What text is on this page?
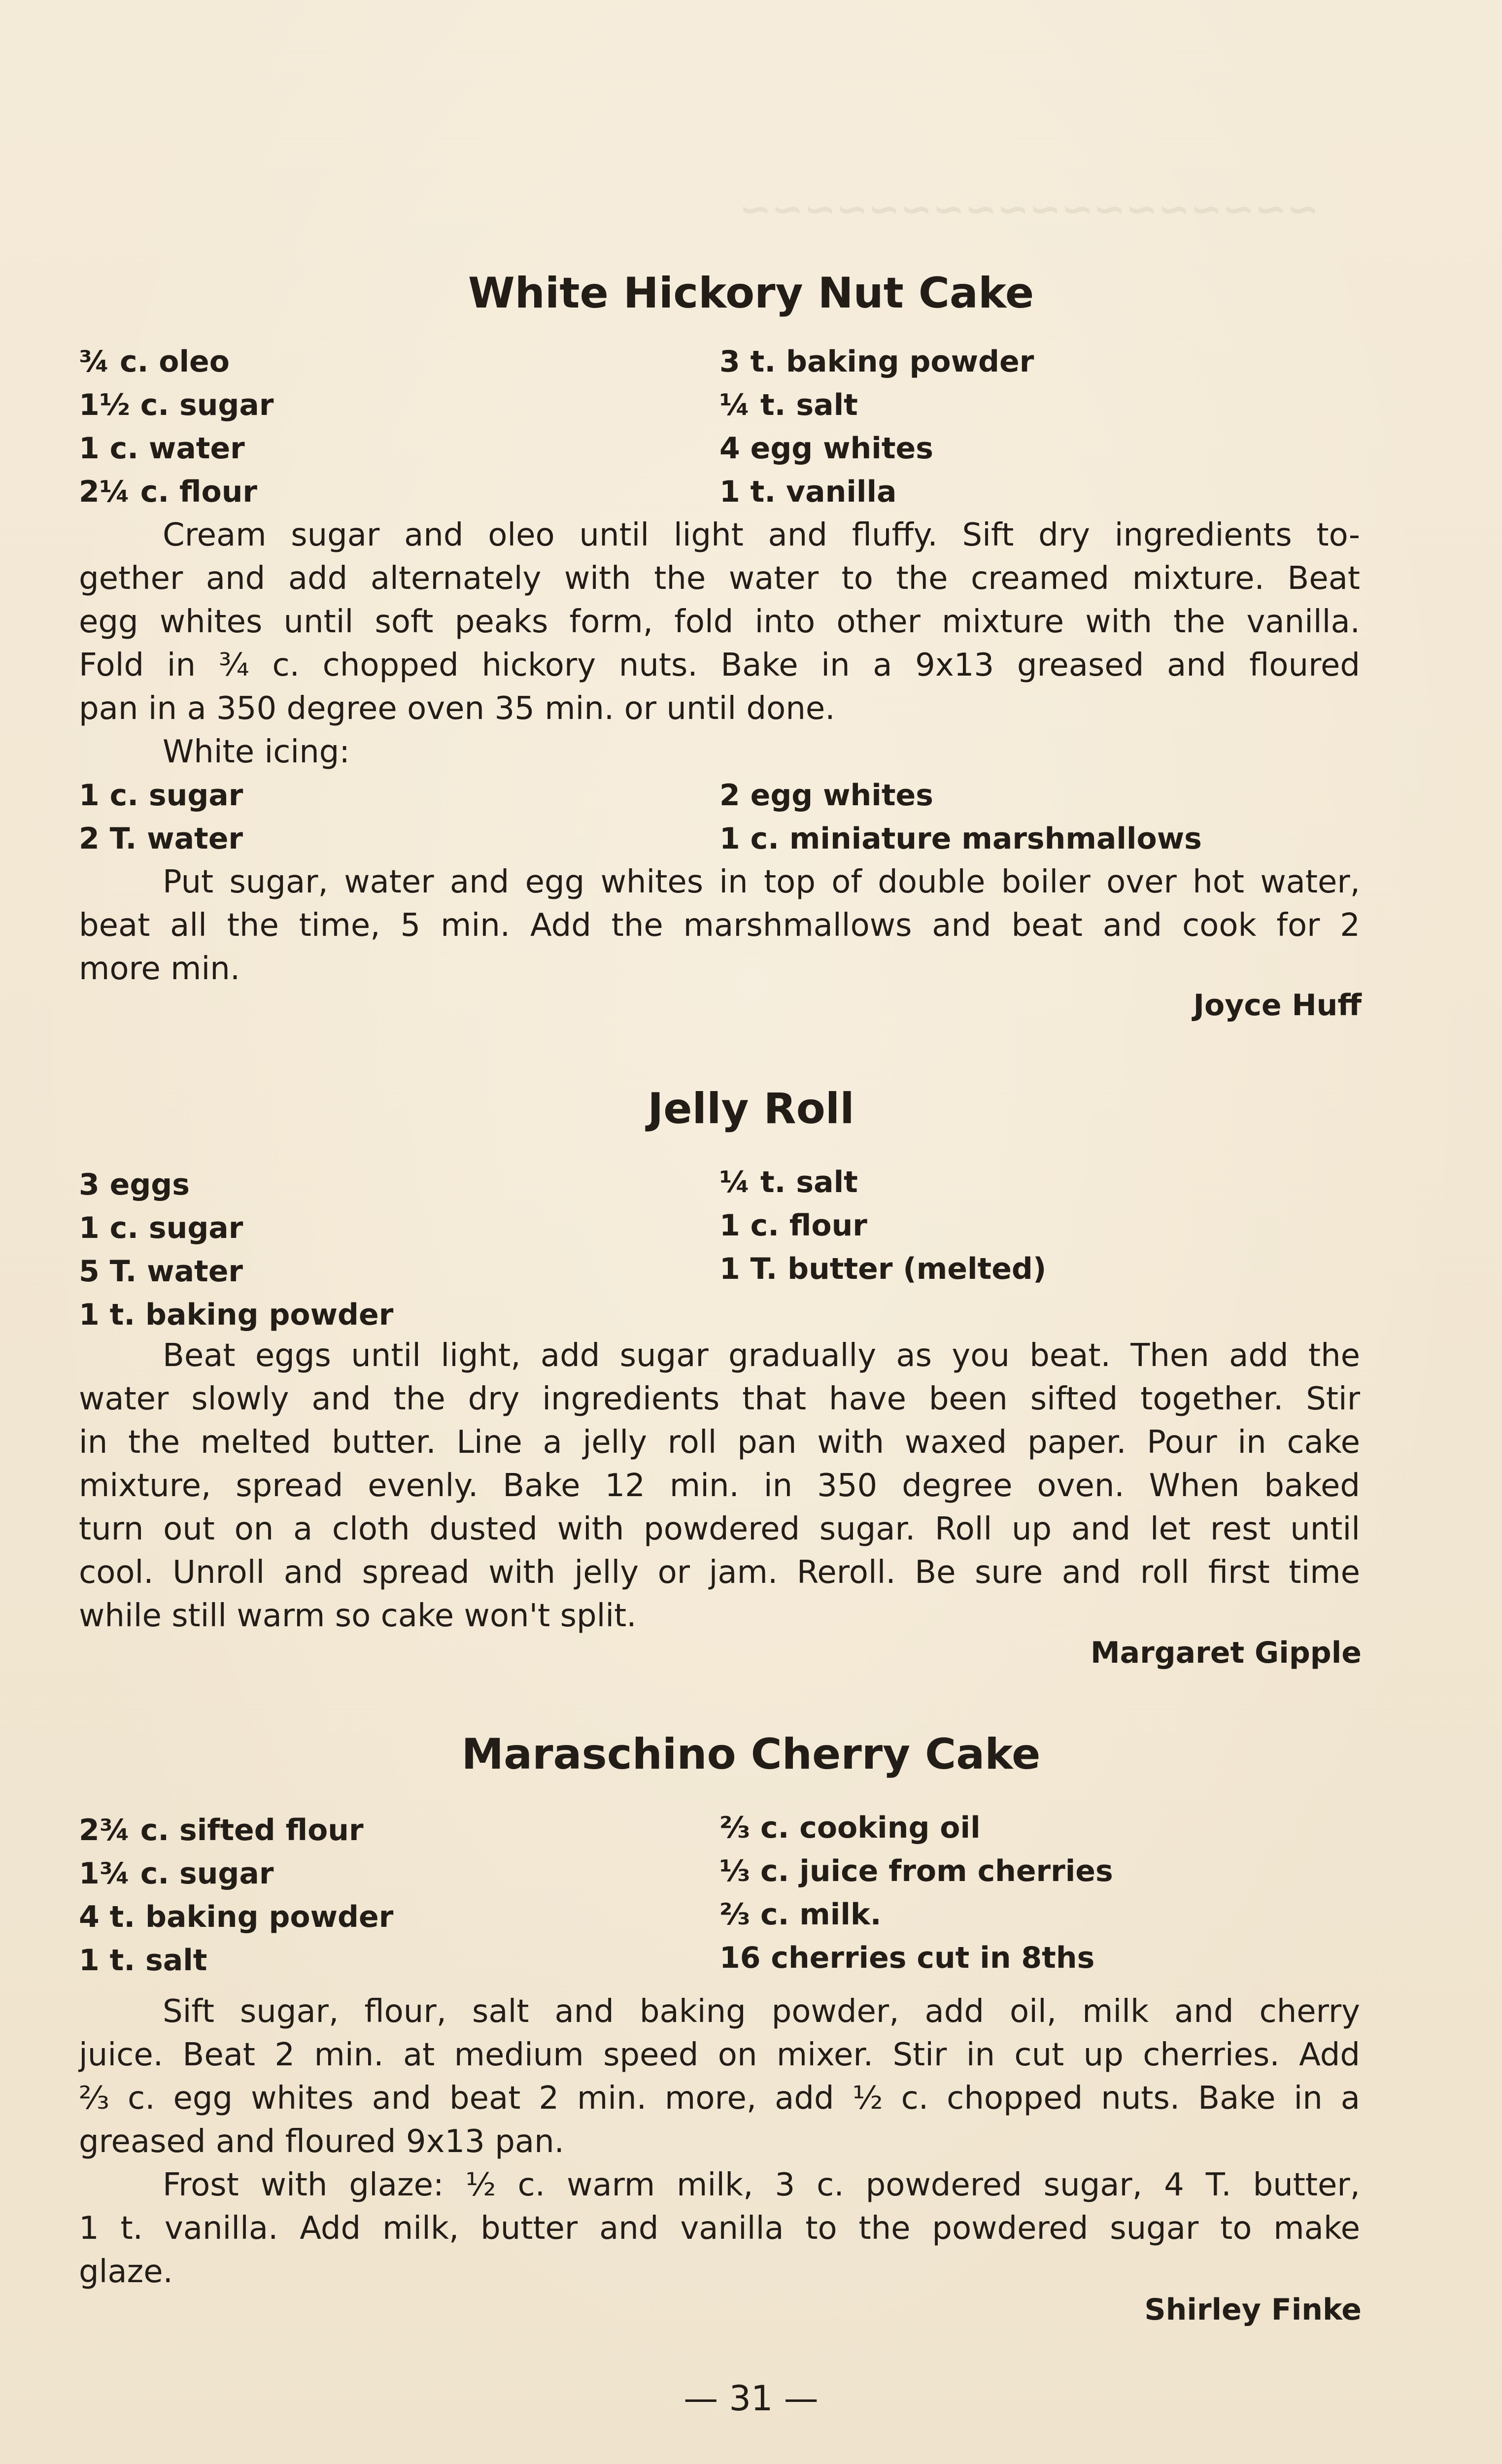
~~~~~~~~~~~~~~~~~~
White Hickory Nut Cake
¾ c. oleo
1½ c. sugar
1 c. water
2¼ c. flour
3 t. baking powder
¼ t. salt
4 egg whites
1 t. vanilla
Cream sugar and oleo until light and fluffy. Sift dry ingredients to-
gether and add alternately with the water to the creamed mixture. Beat
egg whites until soft peaks form, fold into other mixture with the vanilla.
Fold in ¾ c. chopped hickory nuts. Bake in a 9x13 greased and floured
pan in a 350 degree oven 35 min. or until done.
White icing:
1 c. sugar
2 T. water
2 egg whites
1 c. miniature marshmallows
Put sugar, water and egg whites in top of double boiler over hot water,
beat all the time, 5 min. Add the marshmallows and beat and cook for 2
more min.
Joyce Huff
Jelly Roll
3 eggs
1 c. sugar
5 T. water
1 t. baking powder
¼ t. salt
1 c. flour
1 T. butter (melted)
Beat eggs until light, add sugar gradually as you beat. Then add the
water slowly and the dry ingredients that have been sifted together. Stir
in the melted butter. Line a jelly roll pan with waxed paper. Pour in cake
mixture, spread evenly. Bake 12 min. in 350 degree oven. When baked
turn out on a cloth dusted with powdered sugar. Roll up and let rest until
cool. Unroll and spread with jelly or jam. Reroll. Be sure and roll first time
while still warm so cake won't split.
Margaret Gipple
Maraschino Cherry Cake
2¾ c. sifted flour
1¾ c. sugar
4 t. baking powder
1 t. salt
⅔ c. cooking oil
⅓ c. juice from cherries
⅔ c. milk.
16 cherries cut in 8ths
Sift sugar, flour, salt and baking powder, add oil, milk and cherry
juice. Beat 2 min. at medium speed on mixer. Stir in cut up cherries. Add
⅔ c. egg whites and beat 2 min. more, add ½ c. chopped nuts. Bake in a
greased and floured 9x13 pan.
Frost with glaze: ½ c. warm milk, 3 c. powdered sugar, 4 T. butter,
1 t. vanilla. Add milk, butter and vanilla to the powdered sugar to make
glaze.
Shirley Finke
— 31 —
